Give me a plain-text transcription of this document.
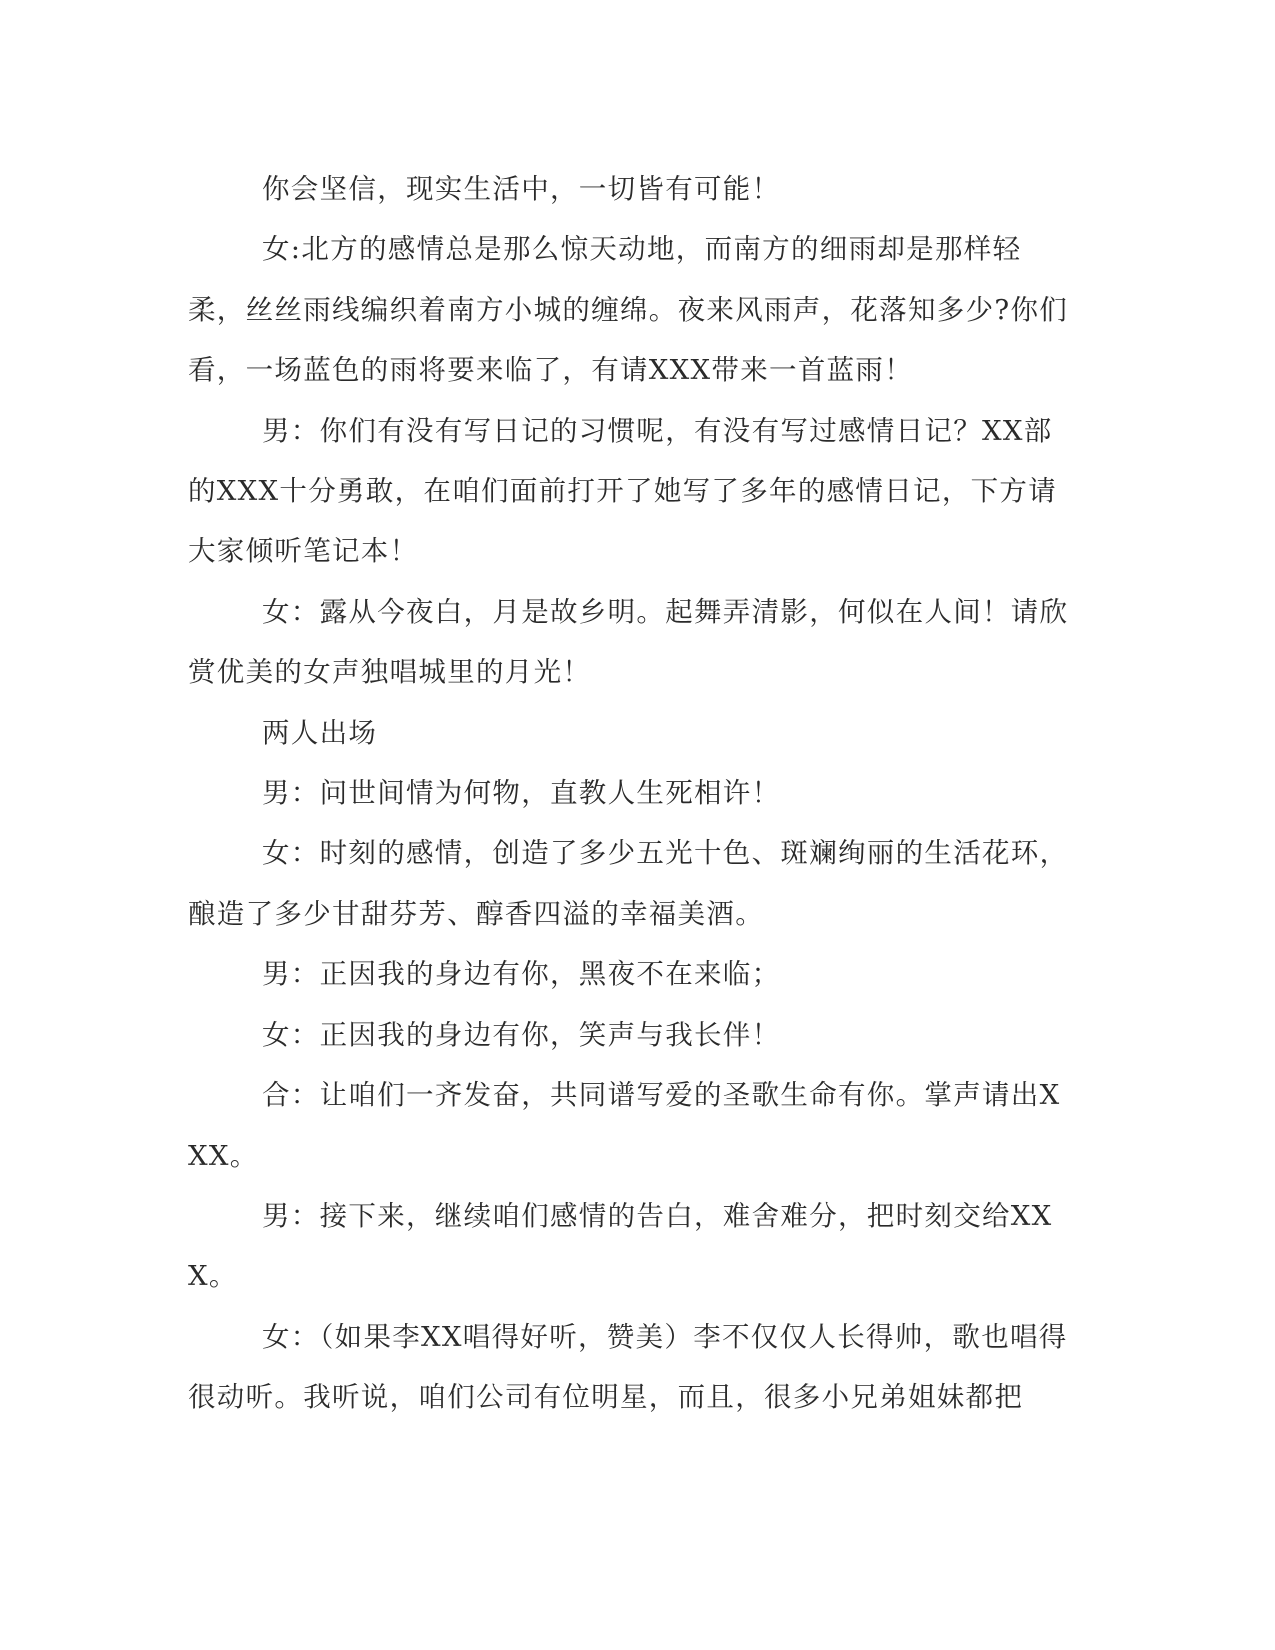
你会坚信，现实生活中，一切皆有可能！

女:北方的感情总是那么惊天动地，而南方的细雨却是那样轻柔，丝丝雨线编织着南方小城的缠绵。夜来风雨声，花落知多少?你们看，一场蓝色的雨将要来临了，有请XXX带来一首蓝雨！

男：你们有没有写日记的习惯呢，有没有写过感情日记？XX部的XXX十分勇敢，在咱们面前打开了她写了多年的感情日记，下方请大家倾听笔记本！

女：露从今夜白，月是故乡明。起舞弄清影，何似在人间！请欣赏优美的女声独唱城里的月光！

两人出场

男：问世间情为何物，直教人生死相许！

女：时刻的感情，创造了多少五光十色、斑斓绚丽的生活花环，酿造了多少甘甜芬芳、醇香四溢的幸福美酒。

男：正因我的身边有你，黑夜不在来临；

女：正因我的身边有你，笑声与我长伴！

合：让咱们一齐发奋，共同谱写爱的圣歌生命有你。掌声请出XXX。

男：接下来，继续咱们感情的告白，难舍难分，把时刻交给XXX。

女：（如果李XX唱得好听，赞美）李不仅仅人长得帅，歌也唱得很动听。我听说，咱们公司有位明星，而且，很多小兄弟姐妹都把
